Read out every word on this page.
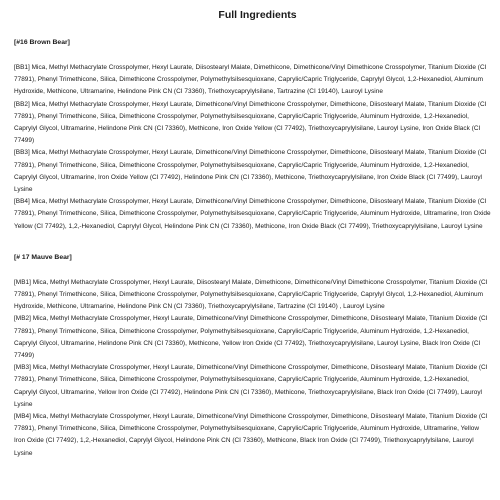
Full Ingredients
[#16 Brown Bear]

[BB1] Mica, Methyl Methacrylate Crosspolymer, Hexyl Laurate, Diisostearyl Malate, Dimethicone, Dimethicone/Vinyl Dimethicone Crosspolymer, Titanium Dioxide (CI 77891), Phenyl Trimethicone, Silica, Dimethicone Crosspolymer, Polymethylsilsesquioxane, Caprylic/Capric Triglyceride, Caprylyl Glycol, 1,2-Hexanediol, Aluminum Hydroxide, Methicone, Ultramarine, Helindone Pink CN (CI 73360), Triethoxycaprylylsilane, Tartrazine (CI 19140), Lauroyl Lysine

[BB2] Mica, Methyl Methacrylate Crosspolymer, Hexyl Laurate, Dimethicone/Vinyl Dimethicone Crosspolymer, Dimethicone, Diisostearyl Malate, Titanium Dioxide (CI 77891), Phenyl Trimethicone, Silica, Dimethicone Crosspolymer, Polymethylsilsesquioxane, Caprylic/Capric Triglyceride, Aluminum Hydroxide, 1,2-Hexanediol, Caprylyl Glycol, Ultramarine, Helindone Pink CN (CI 73360), Methicone, Iron Oxide Yellow (CI 77492), Triethoxycaprylylsilane, Lauroyl Lysine, Iron Oxide Black (CI 77499)

[BB3] Mica, Methyl Methacrylate Crosspolymer, Hexyl Laurate, Dimethicone/Vinyl Dimethicone Crosspolymer, Dimethicone, Diisostearyl Malate, Titanium Dioxide (CI 77891), Phenyl Trimethicone, Silica, Dimethicone Crosspolymer, Polymethylsilsesquioxane, Caprylic/Capric Triglyceride, Aluminum Hydroxide, 1,2-Hexanediol, Caprylyl Glycol, Ultramarine, Iron Oxide Yellow (CI 77492), Helindone Pink CN (CI 73360), Methicone, Triethoxycaprylylsilane, Iron Oxide Black (CI 77499), Lauroyl Lysine

[BB4] Mica, Methyl Methacrylate Crosspolymer, Hexyl Laurate, Dimethicone/Vinyl Dimethicone Crosspolymer, Dimethicone, Diisostearyl Malate, Titanium Dioxide (CI 77891), Phenyl Trimethicone, Silica, Dimethicone Crosspolymer, Polymethylsilsesquioxane, Caprylic/Capric Triglyceride, Aluminum Hydroxide, Ultramarine, Iron Oxide Yellow (CI 77492), 1,2,-Hexanediol, Caprylyl Glycol, Helindone Pink CN (CI 73360), Methicone, Iron Oxide Black (CI 77499), Triethoxycaprylylsilane, Lauroyl Lysine

[# 17 Mauve Bear]

[MB1] Mica, Methyl Methacrylate Crosspolymer, Hexyl Laurate, Diisostearyl Malate, Dimethicone, Dimethicone/Vinyl Dimethicone Crosspolymer, Titanium Dioxide (CI 77891), Phenyl Trimethicone, Silica, Dimethicone Crosspolymer, Polymethylsilsesquioxane, Caprylic/Capric Triglyceride, Caprylyl Glycol, 1,2-Hexanediol, Aluminum Hydroxide, Methicone, Ultramarine, Helindone Pink CN (CI 73360), Triethoxycaprylylsilane, Tartrazine (CI 19140) , Lauroyl Lysine

[MB2] Mica, Methyl Methacrylate Crosspolymer, Hexyl Laurate, Dimethicone/Vinyl Dimethicone Crosspolymer, Dimethicone, Diisostearyl Malate, Titanium Dioxide (CI 77891), Phenyl Trimethicone, Silica, Dimethicone Crosspolymer, Polymethylsilsesquioxane, Caprylic/Capric Triglyceride, Aluminum Hydroxide, 1,2-Hexanediol, Caprylyl Glycol, Ultramarine, Helindone Pink CN (CI 73360), Methicone, Yellow Iron Oxide (CI 77492), Triethoxycaprylylsilane, Lauroyl Lysine, Black Iron Oxide (CI 77499)

[MB3] Mica, Methyl Methacrylate Crosspolymer, Hexyl Laurate, Dimethicone/Vinyl Dimethicone Crosspolymer, Dimethicone, Diisostearyl Malate, Titanium Dioxide (CI 77891), Phenyl Trimethicone, Silica, Dimethicone Crosspolymer, Polymethylsilsesquioxane, Caprylic/Capric Triglyceride, Aluminum Hydroxide, 1,2-Hexanediol, Caprylyl Glycol, Ultramarine, Yellow Iron Oxide (CI 77492), Helindone Pink CN (CI 73360), Methicone, Triethoxycaprylylsilane, Black Iron Oxide (CI 77499), Lauroyl Lysine

[MB4] Mica, Methyl Methacrylate Crosspolymer, Hexyl Laurate, Dimethicone/Vinyl Dimethicone Crosspolymer, Dimethicone, Diisostearyl Malate, Titanium Dioxide (CI 77891), Phenyl Trimethicone, Silica, Dimethicone Crosspolymer, Polymethylsilsesquioxane, Caprylic/Capric Triglyceride, Aluminum Hydroxide, Ultramarine, Yellow Iron Oxide (CI 77492), 1,2,-Hexanediol, Caprylyl Glycol, Helindone Pink CN (CI 73360), Methicone, Black Iron Oxide (CI 77499), Triethoxycaprylylsilane, Lauroyl Lysine
